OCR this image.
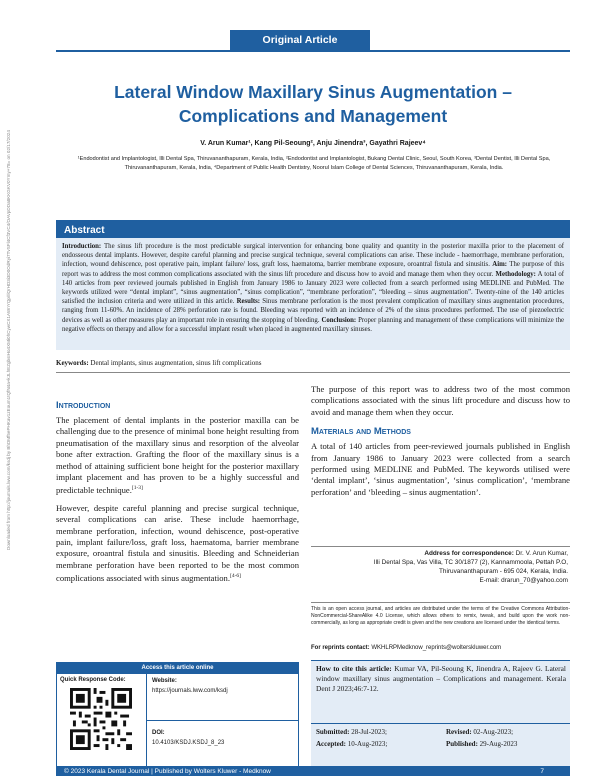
Original Article
Downloaded from http://journals.lww.com/ksdj by BhDMf5ePHKav1zEoum1tQfN4a+kJLhEZgbsIHo4XMi0hCywCX1AWnYQp/IlQrHD3i3D0OdRyi7TvSFl4Cf3VC4/OAVpDDa8KKGKV0Ymy+78= on 02/17/2024
Lateral Window Maxillary Sinus Augmentation – Complications and Management
V. Arun Kumar¹, Kang Pil-Seoung², Anju Jinendra³, Gayathri Rajeev⁴
¹Endodontist and Implantologist, Illi Dental Spa, Thiruvananthapuram, Kerala, India, ²Endodontist and Implantologist, Bukang Dental Clinic, Seoul, South Korea, ³Dental Dentist, Illi Dental Spa, Thiruvananthapuram, Kerala, India, ⁴Department of Public Health Dentistry, Noorul Islam College of Dental Sciences, Thiruvananthapuram, Kerala, India.
Abstract
Introduction: The sinus lift procedure is the most predictable surgical intervention for enhancing bone quality and quantity in the posterior maxilla prior to the placement of endosseous dental implants. However, despite careful planning and precise surgical technique, several complications can arise. These include - haemorrhage, membrane perforation, infection, wound dehiscence, post operative pain, implant failure/ loss, graft loss, haematoma, barrier membrane exposure, oroantral fistula and sinusitis. Aim: The purpose of this report was to address the most common complications associated with the sinus lift procedure and discuss how to avoid and manage them when they occur. Methodology: A total of 140 articles from peer reviewed journals published in English from January 1986 to January 2023 were collected from a search performed using MEDLINE and PubMed. The keywords utilized were “dental implant”, “sinus augmentation”, “sinus complication”, “membrane perforation”, “bleeding – sinus augmentation”. Twenty-nine of the 140 articles satisfied the inclusion criteria and were utilized in this article. Results: Sinus membrane perforation is the most prevalent complication of maxillary sinus augmentation procedures, ranging from 11-60%. An incidence of 28% perforation rate is found. Bleeding was reported with an incidence of 2% of the sinus procedures performed. The use of piezoelectric devices as well as other measures play an important role in ensuring the stopping of bleeding. Conclusion: Proper planning and management of these complications will minimize the negative effects on therapy and allow for a successful implant result when placed in augmented maxillary sinuses.
Keywords: Dental implants, sinus augmentation, sinus lift complications
Introduction

The placement of dental implants in the posterior maxilla can be challenging due to the presence of minimal bone height resulting from pneumatisation of the maxillary sinus and resorption of the alveolar bone after extraction. Grafting the floor of the maxillary sinus is a method of attaining sufficient bone height for the posterior maxillary implant placement and has proven to be a highly successful and predictable technique.[1-3]

However, despite careful planning and precise surgical technique, several complications can arise. These include haemorrhage, membrane perforation, infection, wound dehiscence, post-operative pain, implant failure/loss, graft loss, haematoma, barrier membrane exposure, oroantral fistula and sinusitis. Bleeding and Schneiderian membrane perforation have been reported to be the most common complications associated with sinus augmentation.[4-6]

The purpose of this report was to address two of the most common complications associated with the sinus lift procedure and discuss how to avoid and manage them when they occur.

Materials and Methods

A total of 140 articles from peer-reviewed journals published in English from January 1986 to January 2023 were collected from a search performed using MEDLINE and PubMed. The keywords utilised were ‘dental implant’, ‘sinus augmentation’, ‘sinus complication’, ‘membrane perforation’ and ‘bleeding – sinus augmentation’.

Address for correspondence: Dr. V. Arun Kumar,
Illi Dental Spa, Vas Villa, TC 30/1877 (2), Kannammoola, Pettah P.O,
Thiruvananthapuram - 695 024, Kerala, India.
E-mail: drarun_70@yahoo.com
This is an open access journal, and articles are distributed under the terms of the Creative Commons Attribution-NonCommercial-ShareAlike 4.0 License, which allows others to remix, tweak, and build upon the work non-commercially, as long as appropriate credit is given and the new creations are licensed under the identical terms.
For reprints contact: WKHLRPMedknow_reprints@wolterskluwer.com
How to cite this article: Kumar VA, Pil-Seoung K, Jinendra A, Rajeev G. Lateral window maxillary sinus augmentation – Complications and management. Kerala Dent J 2023;46:7-12.
Submitted: 28-Jul-2023;	Revised: 02-Aug-2023;
Accepted: 10-Aug-2023;	Published: 29-Aug-2023
Access this article online
Quick Response Code:	Website:
https://journals.lww.com/ksdj
DOI:
10.4103/KSDJ.KSDJ_8_23
© 2023 Kerala Dental Journal | Published by Wolters Kluwer - Medknow	7
